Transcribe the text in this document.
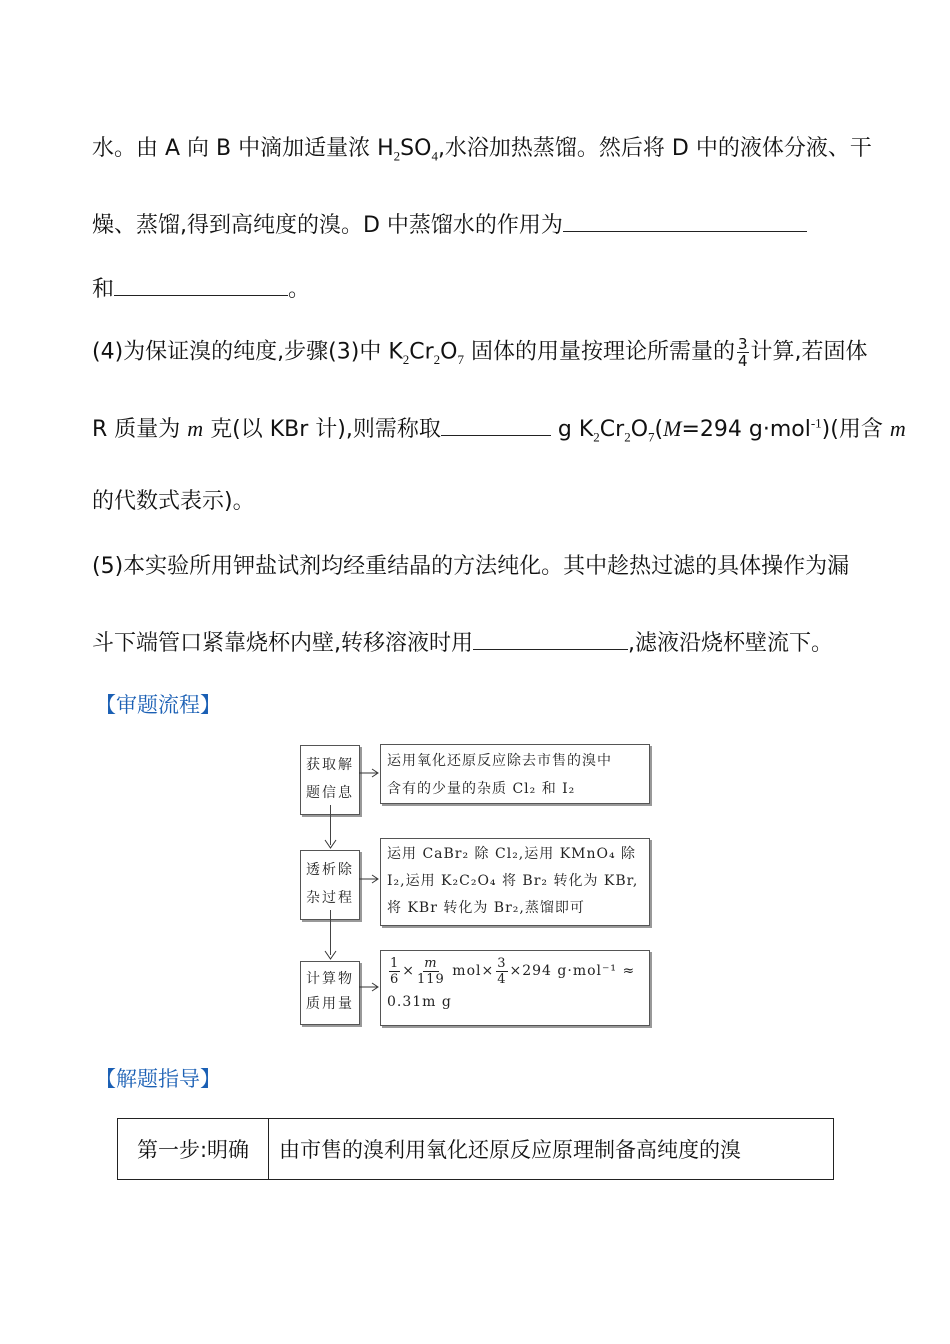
水。由 A 向 B 中滴加适量浓 $H_2SO_4$,水浴加热蒸馏。然后将 D 中的液体分液、干
燥、蒸馏,得到高纯度的溴。D 中蒸馏水的作用为
和	。
(4)为保证溴的纯度,步骤(3)中 $K_2Cr_2O_7$ 固体的用量按理论所需量的 $\frac{3}{4}$ 计算,若固体
R 质量为 m 克(以 KBr 计),则需称取	g $K_2Cr_2O_7(M=294$ g·mol$^{-1}$)(用含 m
的代数式表示)。
(5)本实验所用钾盐试剂均经重结晶的方法纯化。其中趁热过滤的具体操作为漏
斗下端管口紧靠烧杯内壁,转移溶液时用	,滤液沿烧杯壁流下。
【审题流程】
获取解
题信息
运用氧化还原反应除去市售的溴中
含有的少量的杂质 Cl₂ 和 I₂
透析除
杂过程
运用 CaBr₂ 除 Cl₂,运用 KMnO₄ 除
I₂,运用 K₂C₂O₄ 将 Br₂ 转化为 KBr,
将 KBr 转化为 Br₂,蒸馏即可
计算物
质用量
$\frac{1}{6} \times \frac{m}{119} mol\times \frac{3}{4} \times 294$ g·mol⁻¹ ≈
0.31m g
【解题指导】
第一步:明确	由市售的溴利用氧化还原反应原理制备高纯度的溴
